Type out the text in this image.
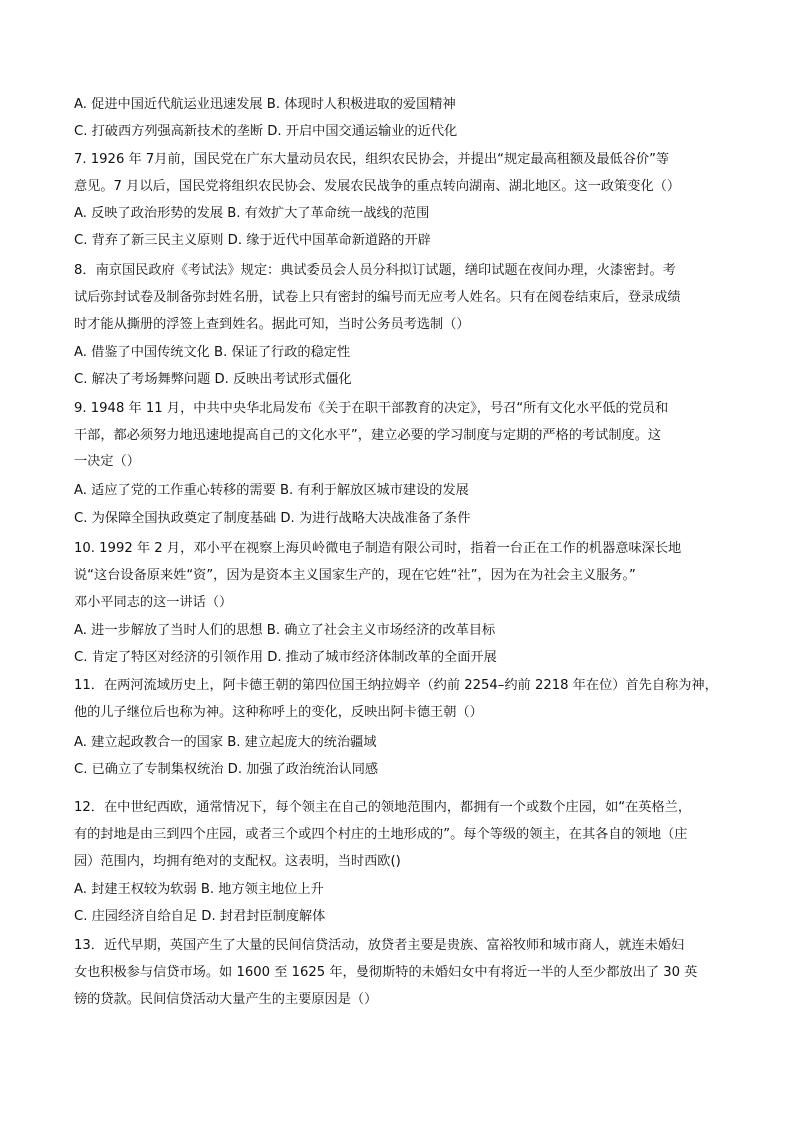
A. 促进中国近代航运业迅速发展 B. 体现时人积极进取的爱国精神
C. 打破西方列强高新技术的垄断 D. 开启中国交通运输业的近代化
7. 1926 年 7月前，国民党在广东大量动员农民，组织农民协会，并提出“规定最高租额及最低谷价”等
意见。7 月以后，国民党将组织农民协会、发展农民战争的重点转向湖南、湖北地区。这一政策变化（）
A. 反映了政治形势的发展 B. 有效扩大了革命统一战线的范围
C. 背弃了新三民主义原则 D. 缘于近代中国革命新道路的开辟
8．南京国民政府《考试法》规定：典试委员会人员分科拟订试题，缮印试题在夜间办理，火漆密封。考
试后弥封试卷及制备弥封姓名册，试卷上只有密封的编号而无应考人姓名。只有在阅卷结束后，登录成绩
时才能从撕册的浮签上查到姓名。据此可知，当时公务员考选制（）
A. 借鉴了中国传统文化 B. 保证了行政的稳定性
C. 解决了考场舞弊问题 D. 反映出考试形式僵化
9. 1948 年 11 月，中共中央华北局发布《关于在职干部教育的决定》，号召“所有文化水平低的党员和
干部，都必须努力地迅速地提高自己的文化水平”，建立必要的学习制度与定期的严格的考试制度。这
一决定（）
A. 适应了党的工作重心转移的需要 B. 有利于解放区城市建设的发展
C. 为保障全国执政奠定了制度基础 D. 为进行战略大决战准备了条件
10. 1992 年 2 月，邓小平在视察上海贝岭微电子制造有限公司时，指着一台正在工作的机器意味深长地
说“这台设备原来姓“资”，因为是资本主义国家生产的，现在它姓“社”，因为在为社会主义服务。”
邓小平同志的这一讲话（）
A. 进一步解放了当时人们的思想 B. 确立了社会主义市场经济的改革目标
C. 肯定了特区对经济的引领作用 D. 推动了城市经济体制改革的全面开展
11．在两河流域历史上，阿卡德王朝的第四位国王纳拉姆辛（约前 2254–约前 2218 年在位）首先自称为神，
他的儿子继位后也称为神。这种称呼上的变化，反映出阿卡德王朝（）
A. 建立起政教合一的国家 B. 建立起庞大的统治疆域
C. 已确立了专制集权统治 D. 加强了政治统治认同感
12．在中世纪西欧，通常情况下，每个领主在自己的领地范围内，都拥有一个或数个庄园，如“在英格兰，
有的封地是由三到四个庄园，或者三个或四个村庄的土地形成的”。每个等级的领主，在其各自的领地（庄
园）范围内，均拥有绝对的支配权。这表明，当时西欧()
A. 封建王权较为软弱 B. 地方领主地位上升
C. 庄园经济自给自足 D. 封君封臣制度解体
13．近代早期，英国产生了大量的民间信贷活动，放贷者主要是贵族、富裕牧师和城市商人，就连未婚妇
女也积极参与信贷市场。如 1600 至 1625 年，曼彻斯特的未婚妇女中有将近一半的人至少都放出了 30 英
镑的贷款。民间信贷活动大量产生的主要原因是（）
